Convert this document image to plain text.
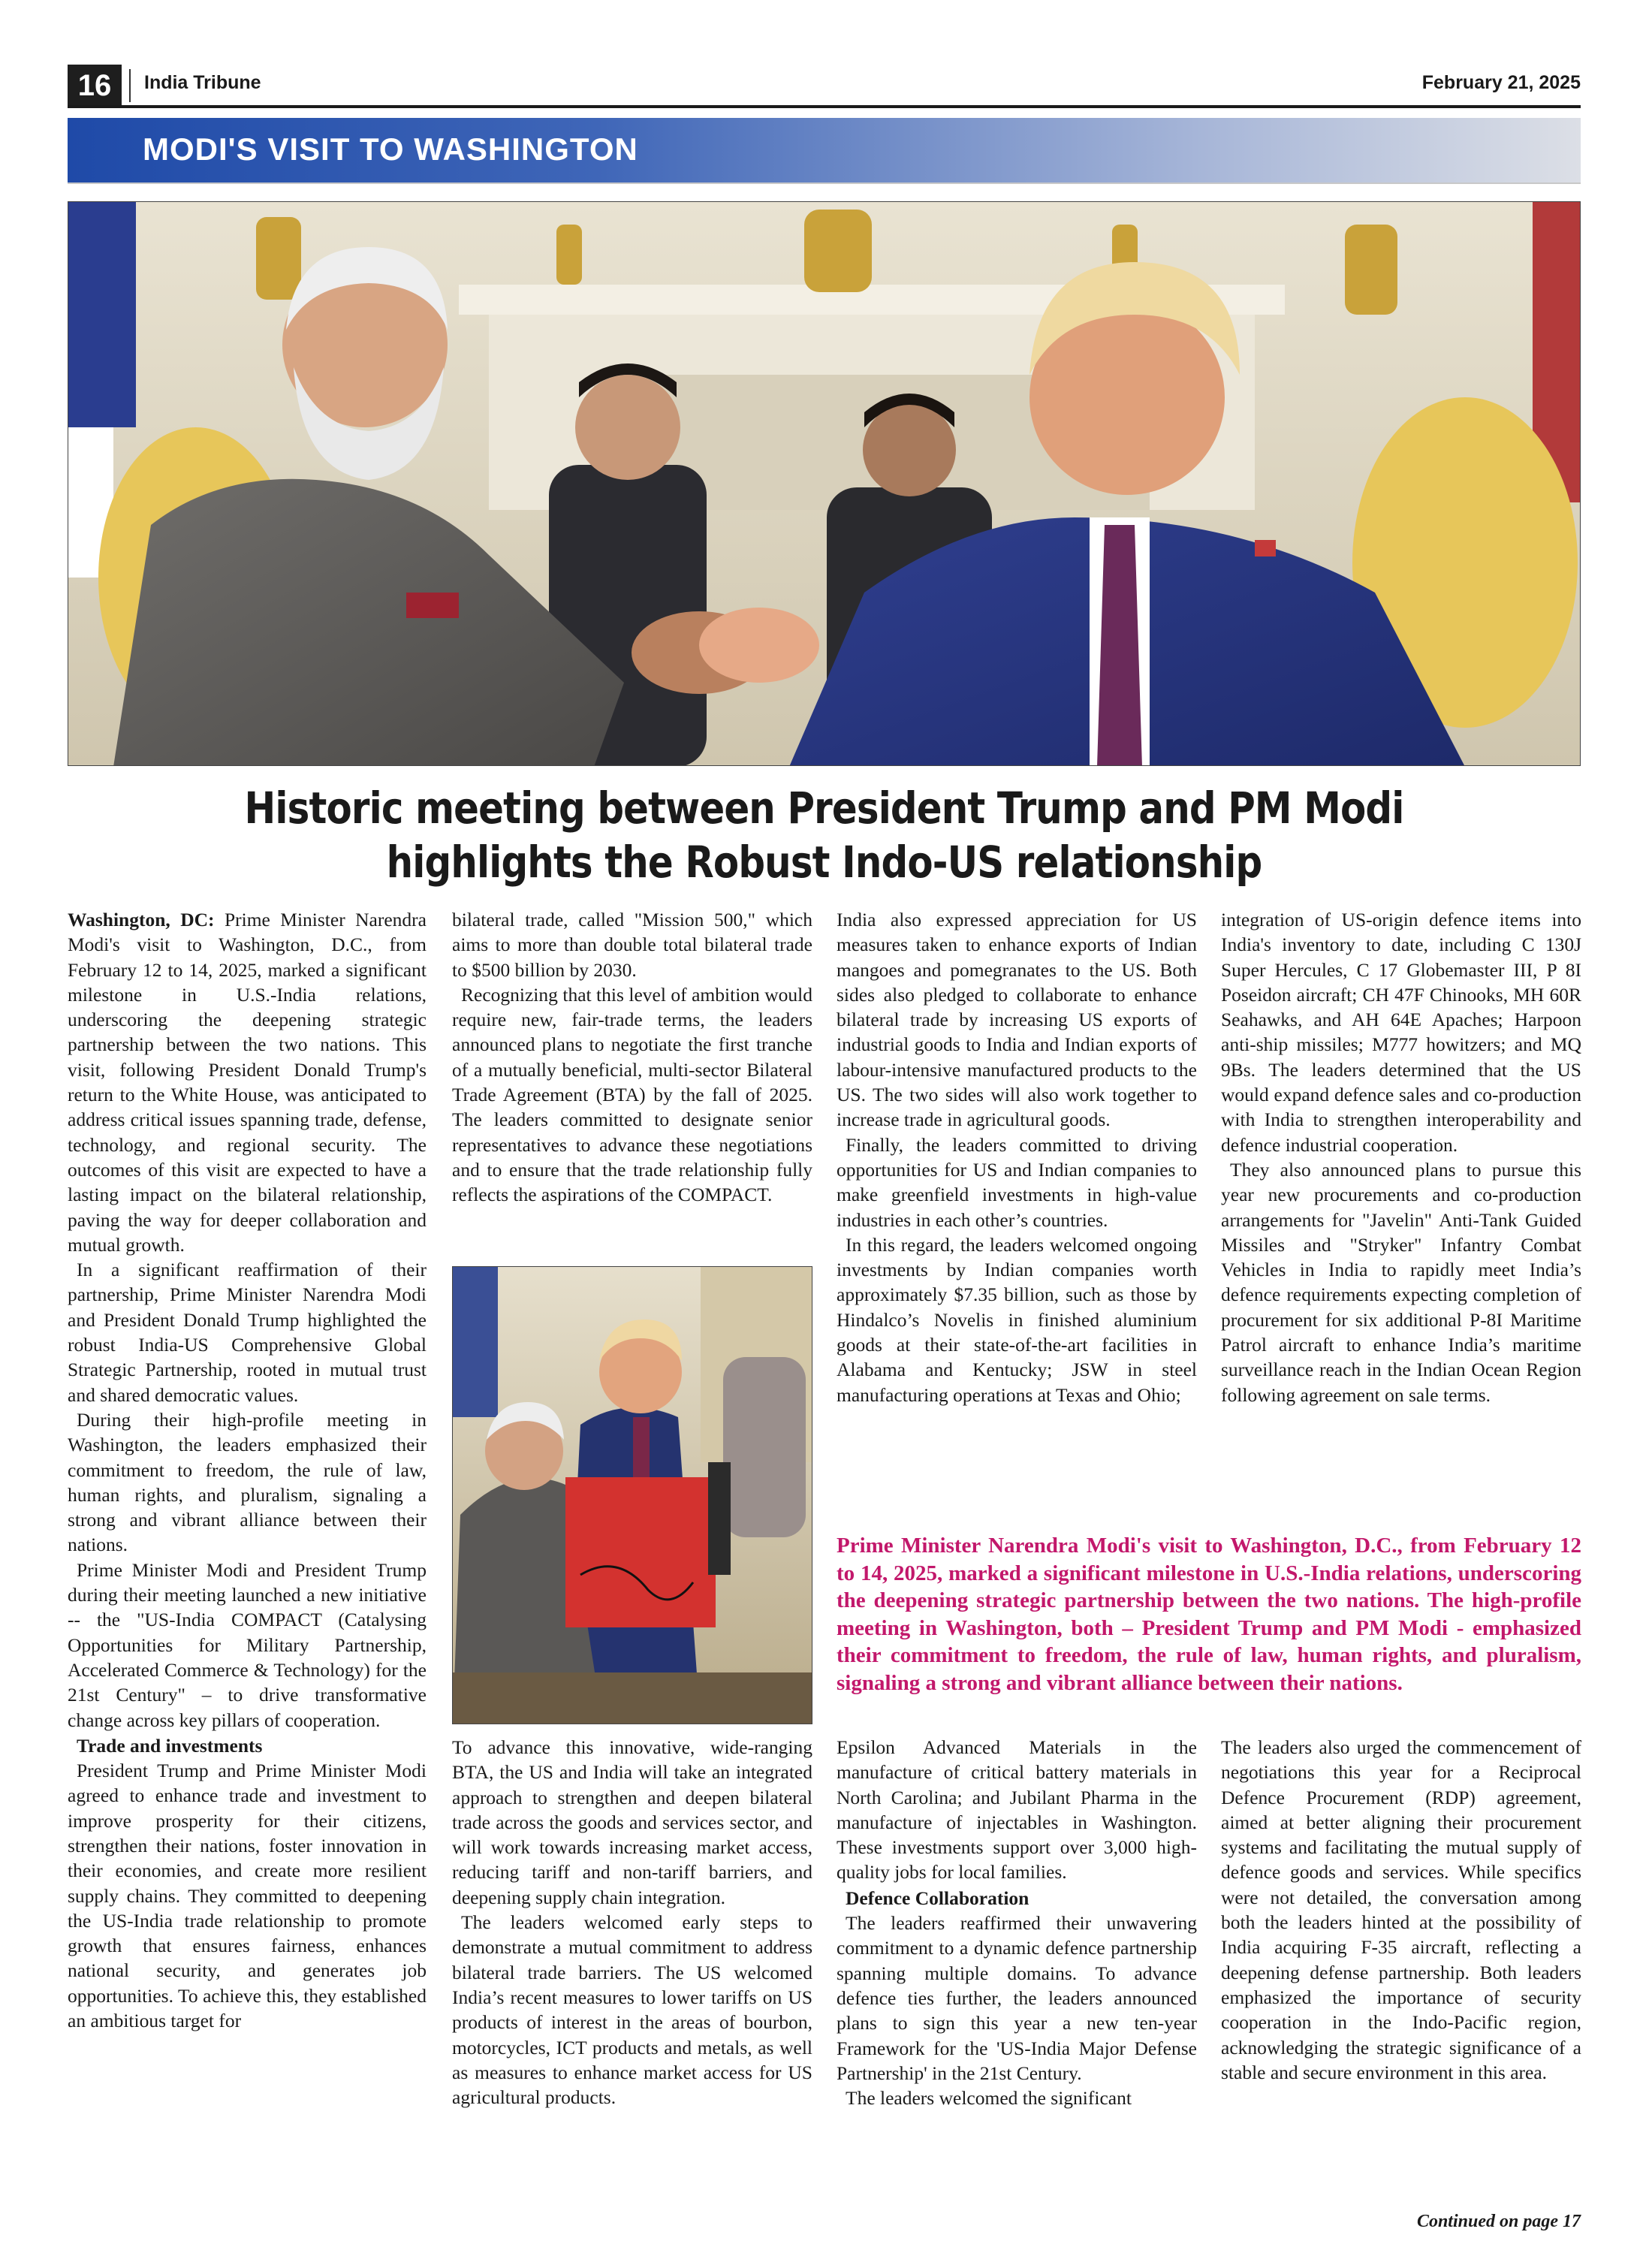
16	India Tribune	February 21, 2025
MODI'S VISIT TO WASHINGTON
Historic meeting between President Trump and PM Modi
highlights the Robust Indo-US relationship

Washington, DC: Prime Minister Narendra Modi's visit to Washington, D.C., from February 12 to 14, 2025, marked a significant milestone in U.S.-India relations, underscoring the deepening strategic partnership between the two nations. This visit, following President Donald Trump's return to the White House, was anticipated to address critical issues spanning trade, defense, technology, and regional security. The outcomes of this visit are expected to have a lasting impact on the bilateral relationship, paving the way for deeper collaboration and mutual growth.

In a significant reaffirmation of their partnership, Prime Minister Narendra Modi and President Donald Trump highlighted the robust India-US Comprehensive Global Strategic Partnership, rooted in mutual trust and shared democratic values.

During their high-profile meeting in Washington, the leaders emphasized their commitment to freedom, the rule of law, human rights, and pluralism, signaling a strong and vibrant alliance between their nations.

Prime Minister Modi and President Trump during their meeting launched a new initiative -- the "US-India COMPACT (Catalysing Opportunities for Military Partnership, Accelerated Commerce & Technology) for the 21st Century" – to drive transformative change across key pillars of cooperation.

Trade and investments

President Trump and Prime Minister Modi agreed to enhance trade and investment to improve prosperity for their citizens, strengthen their nations, foster innovation in their economies, and create more resilient supply chains. They committed to deepening the US-India trade relationship to promote growth that ensures fairness, enhances national security, and generates job opportunities. To achieve this, they established an ambitious target for

bilateral trade, called "Mission 500," which aims to more than double total bilateral trade to $500 billion by 2030.

Recognizing that this level of ambition would require new, fair-trade terms, the leaders announced plans to negotiate the first tranche of a mutually beneficial, multi-sector Bilateral Trade Agreement (BTA) by the fall of 2025. The leaders committed to designate senior representatives to advance these negotiations and to ensure that the trade relationship fully reflects the aspirations of the COMPACT.

To advance this innovative, wide-ranging BTA, the US and India will take an integrated approach to strengthen and deepen bilateral trade across the goods and services sector, and will work towards increasing market access, reducing tariff and non-tariff barriers, and deepening supply chain integration.

The leaders welcomed early steps to demonstrate a mutual commitment to address bilateral trade barriers. The US welcomed India’s recent measures to lower tariffs on US products of interest in the areas of bourbon, motorcycles, ICT products and metals, as well as measures to enhance market access for US agricultural products.

India also expressed appreciation for US measures taken to enhance exports of Indian mangoes and pomegranates to the US. Both sides also pledged to collaborate to enhance bilateral trade by increasing US exports of industrial goods to India and Indian exports of labour-intensive manufactured products to the US. The two sides will also work together to increase trade in agricultural goods.

Finally, the leaders committed to driving opportunities for US and Indian companies to make greenfield investments in high-value industries in each other’s countries.

In this regard, the leaders welcomed ongoing investments by Indian companies worth approximately $7.35 billion, such as those by Hindalco’s Novelis in finished aluminium goods at their state-of-the-art facilities in Alabama and Kentucky; JSW in steel manufacturing operations at Texas and Ohio;

integration of US-origin defence items into India's inventory to date, including C 130J Super Hercules, C 17 Globemaster III, P 8I Poseidon aircraft; CH 47F Chinooks, MH 60R Seahawks, and AH 64E Apaches; Harpoon anti-ship missiles; M777 howitzers; and MQ 9Bs. The leaders determined that the US would expand defence sales and co-production with India to strengthen interoperability and defence industrial cooperation.

They also announced plans to pursue this year new procurements and co-production arrangements for "Javelin" Anti-Tank Guided Missiles and "Stryker" Infantry Combat Vehicles in India to rapidly meet India’s defence requirements expecting completion of procurement for six additional P-8I Maritime Patrol aircraft to enhance India’s maritime surveillance reach in the Indian Ocean Region following agreement on sale terms.

Prime Minister Narendra Modi's visit to Washington, D.C., from February 12 to 14, 2025, marked a significant milestone in U.S.-India relations, underscoring the deepening strategic partnership between the two nations. The high-profile meeting in Washington, both – President Trump and PM Modi - emphasized their commitment to freedom, the rule of law, human rights, and pluralism, signaling a strong and vibrant alliance between their nations.

Epsilon Advanced Materials in the manufacture of critical battery materials in North Carolina; and Jubilant Pharma in the manufacture of injectables in Washington. These investments support over 3,000 high-quality jobs for local families.

Defence Collaboration

The leaders reaffirmed their unwavering commitment to a dynamic defence partnership spanning multiple domains. To advance defence ties further, the leaders announced plans to sign this year a new ten-year Framework for the 'US-India Major Defense Partnership' in the 21st Century.

The leaders welcomed the significant

The leaders also urged the commencement of negotiations this year for a Reciprocal Defence Procurement (RDP) agreement, aimed at better aligning their procurement systems and facilitating the mutual supply of defence goods and services. While specifics were not detailed, the conversation among both the leaders hinted at the possibility of India acquiring F-35 aircraft, reflecting a deepening defense partnership. Both leaders emphasized the importance of security cooperation in the Indo-Pacific region, acknowledging the strategic significance of a stable and secure environment in this area.

Continued on page 17
